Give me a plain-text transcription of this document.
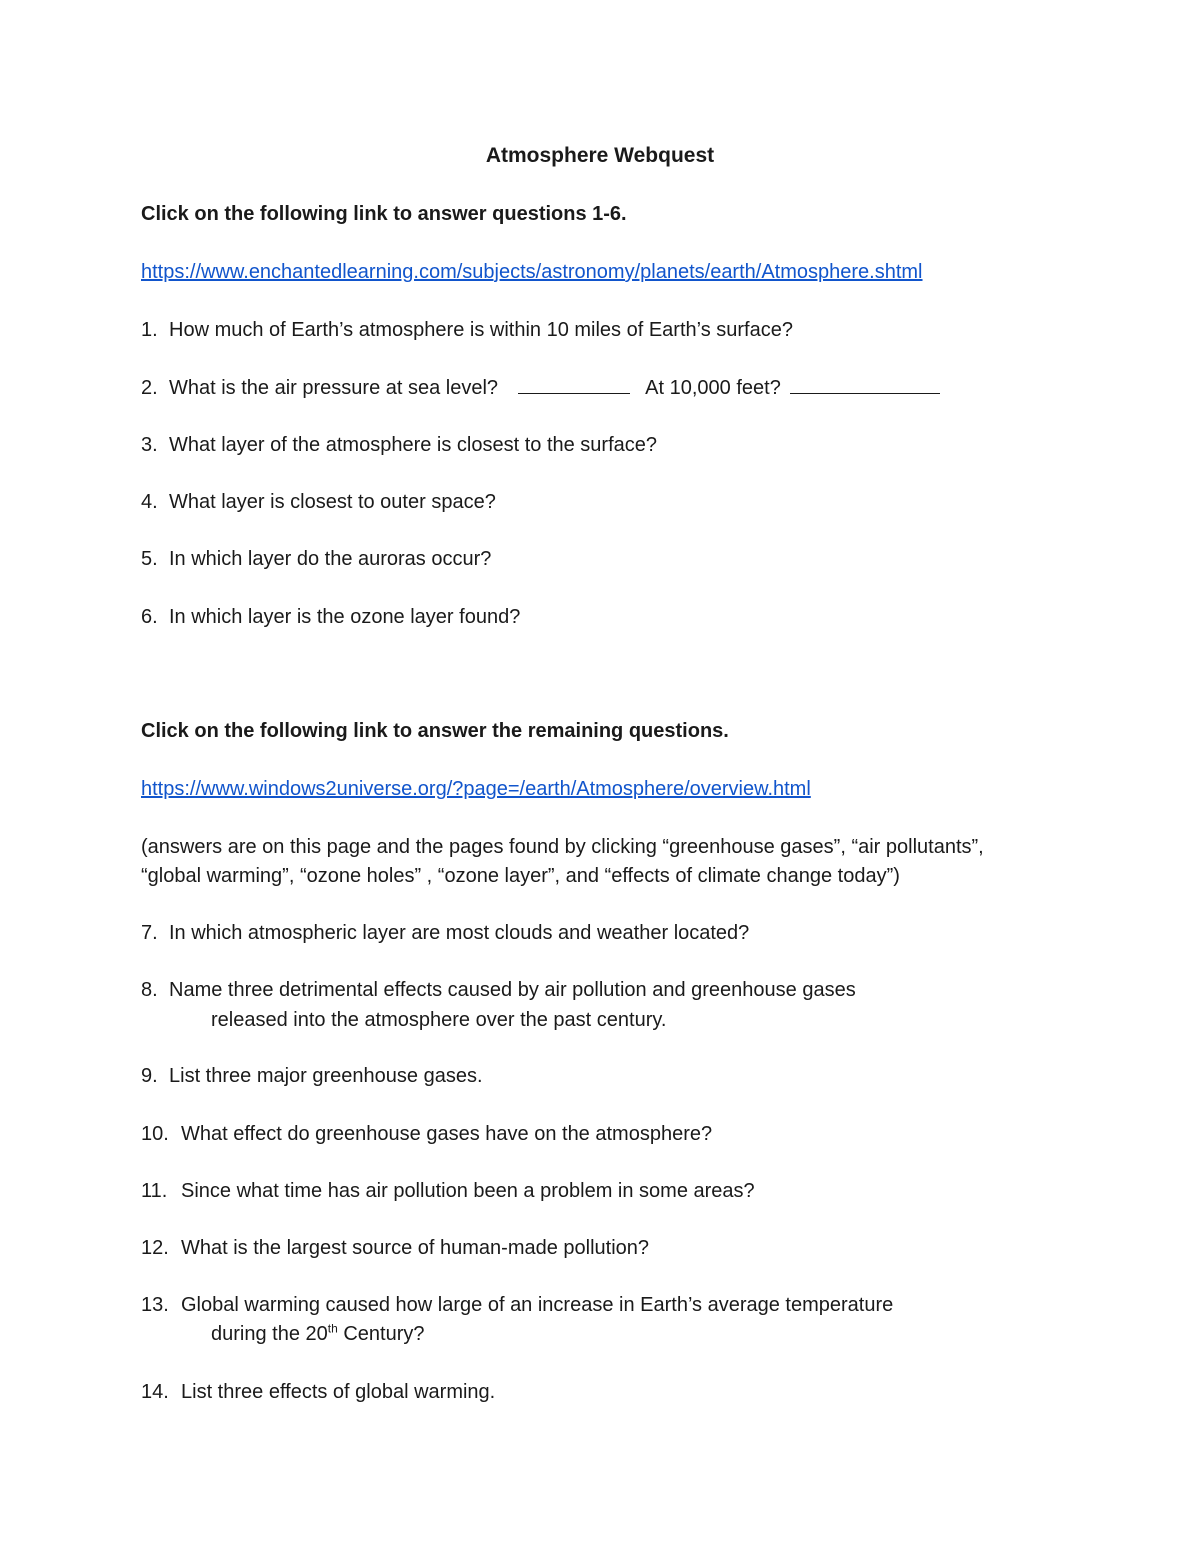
Atmosphere Webquest
Click on the following link to answer questions 1-6.
https://www.enchantedlearning.com/subjects/astronomy/planets/earth/Atmosphere.shtml
1. How much of Earth’s atmosphere is within 10 miles of Earth’s surface?
2. What is the air pressure at sea level?	At 10,000 feet?
3. What layer of the atmosphere is closest to the surface?
4. What layer is closest to outer space?
5. In which layer do the auroras occur?
6. In which layer is the ozone layer found?
Click on the following link to answer the remaining questions.
https://www.windows2universe.org/?page=/earth/Atmosphere/overview.html
(answers are on this page and the pages found by clicking “greenhouse gases”, “air pollutants”,
“global warming”, “ozone holes” , “ozone layer”, and “effects of climate change today”)
7. In which atmospheric layer are most clouds and weather located?
8. Name three detrimental effects caused by air pollution and greenhouse gases
released into the atmosphere over the past century.
9. List three major greenhouse gases.
10. What effect do greenhouse gases have on the atmosphere?
11. Since what time has air pollution been a problem in some areas?
12. What is the largest source of human-made pollution?
13. Global warming caused how large of an increase in Earth’s average temperature
during the 20th Century?
14. List three effects of global warming.
